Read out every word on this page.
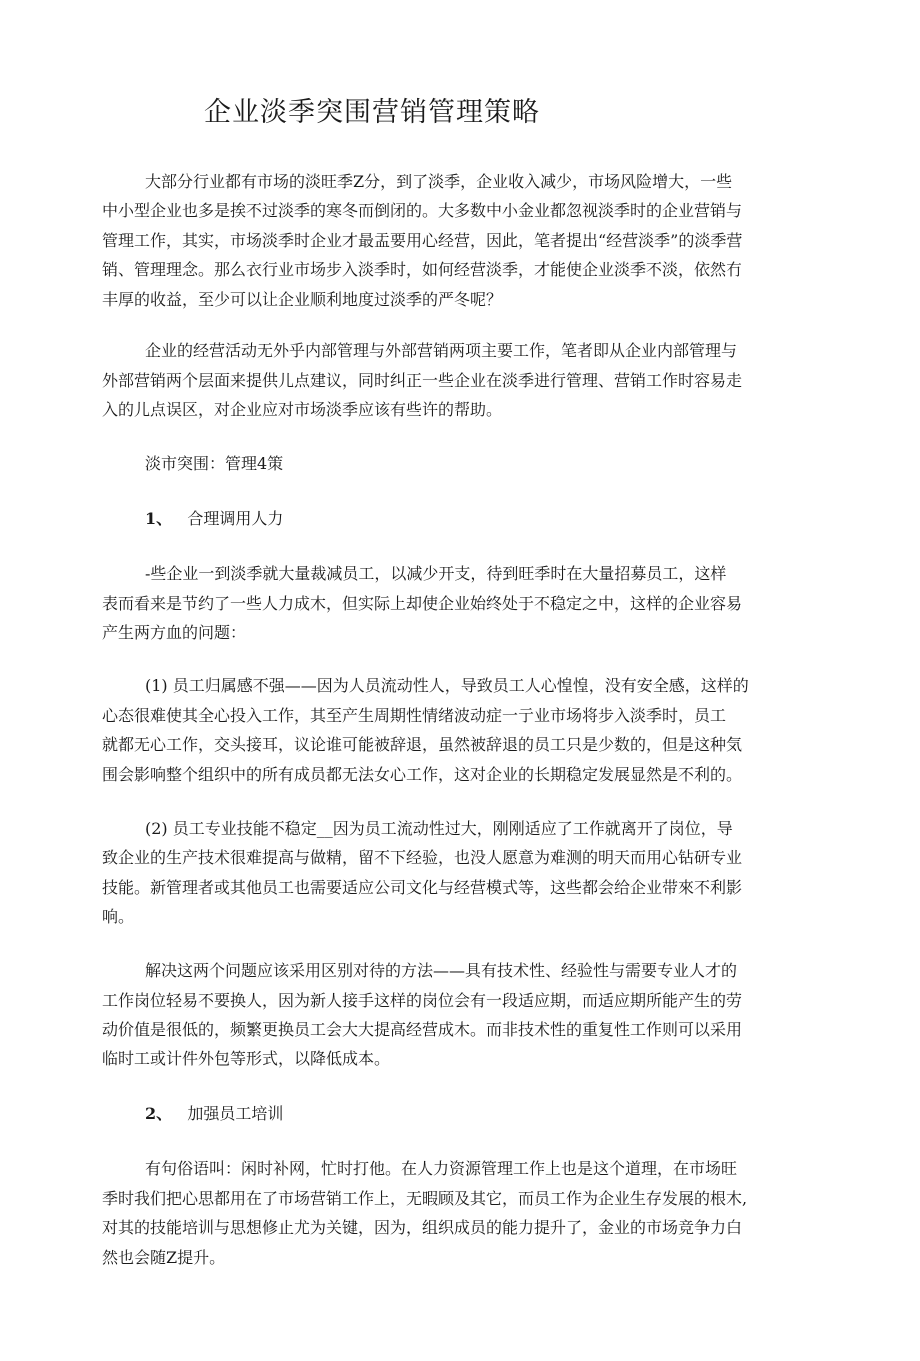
企业淡季突围营销管理策略

大部分行业都有市场的淡旺季Z分，到了淡季，企业收入减少，市场风险增大，一些

中小型企业也多是挨不过淡季的寒冬而倒闭的。大多数中小金业都忽视淡季时的企业营销与

管理工作，其实，市场淡季时企业才最盂要用心经营，因此，笔者提出“经营淡季”的淡季营

销、管理理念。那么衣行业市场步入淡季时，如何经营淡季，才能使企业淡季不淡，依然冇

丰厚的收益，至少可以让企业顺利地度过淡季的严冬呢？

企业的经营活动无外乎内部管理与外部营销两项主要工作，笔者即从企业内部管理与

外部营销两个层面来提供儿点建议，同时纠正一些企业在淡季进行管理、营销工作时容易走

入的儿点误区，对企业应对市场淡季应该有些许的帮助。

淡市突围：管理4策

1、 合理调用人力

-些企业一到淡季就大量裁减员工，以减少开支，待到旺季时在大量招募员工，这样

表而看来是节约了一些人力成木，但实际上却使企业始终处于不稳定之中，这样的企业容易

产生两方血的问题：

(1) 员工归属感不强——因为人员流动性人，导致员工人心惶惶，没有安全感，这样的

心态很难使其全心投入工作，其至产生周期性情绪波动症一亍业市场将步入淡季时，员工

就都无心工作，交头接耳，议论谁可能被辞退，虽然被辞退的员工只是少数的，但是这种気

围会影响整个组织中的所有成员都无法女心工作，这对企业的长期稳定发展显然是不利的。

(2) 员工专业技能不稳定__因为员工流动性过大，刚刚适应了工作就离开了岗位，导

致企业的生产技术很难提高与做精，留不下经验，也没人愿意为难测的明天而用心钻研专业

技能。新管理者或其他员工也需要适应公司文化与经营模式等，这些都会给企业带來不利影

响。

解决这两个问题应该采用区别对待的方法——具有技术性、经验性与需要专业人才的

工作岗位轻易不要换人，因为新人接手这样的岗位会有一段适应期，而适应期所能产生的劳

动价值是很低的，频繁更换员工会大大提高经营成木。而非技术性的重复性工作则可以采用

临时工或计件外包等形式，以降低成本。

2、 加强员工培训

有句俗语叫：闲时补网，忙时打他。在人力资源管理工作上也是这个道理，在市场旺

季时我们把心思都用在了市场营销工作上，无暇顾及其它，而员工作为企业生存发展的根木,

对其的技能培训与思想修止尤为关键，因为，组织成员的能力提升了，金业的市场竞争力白

然也会随Z提升。
